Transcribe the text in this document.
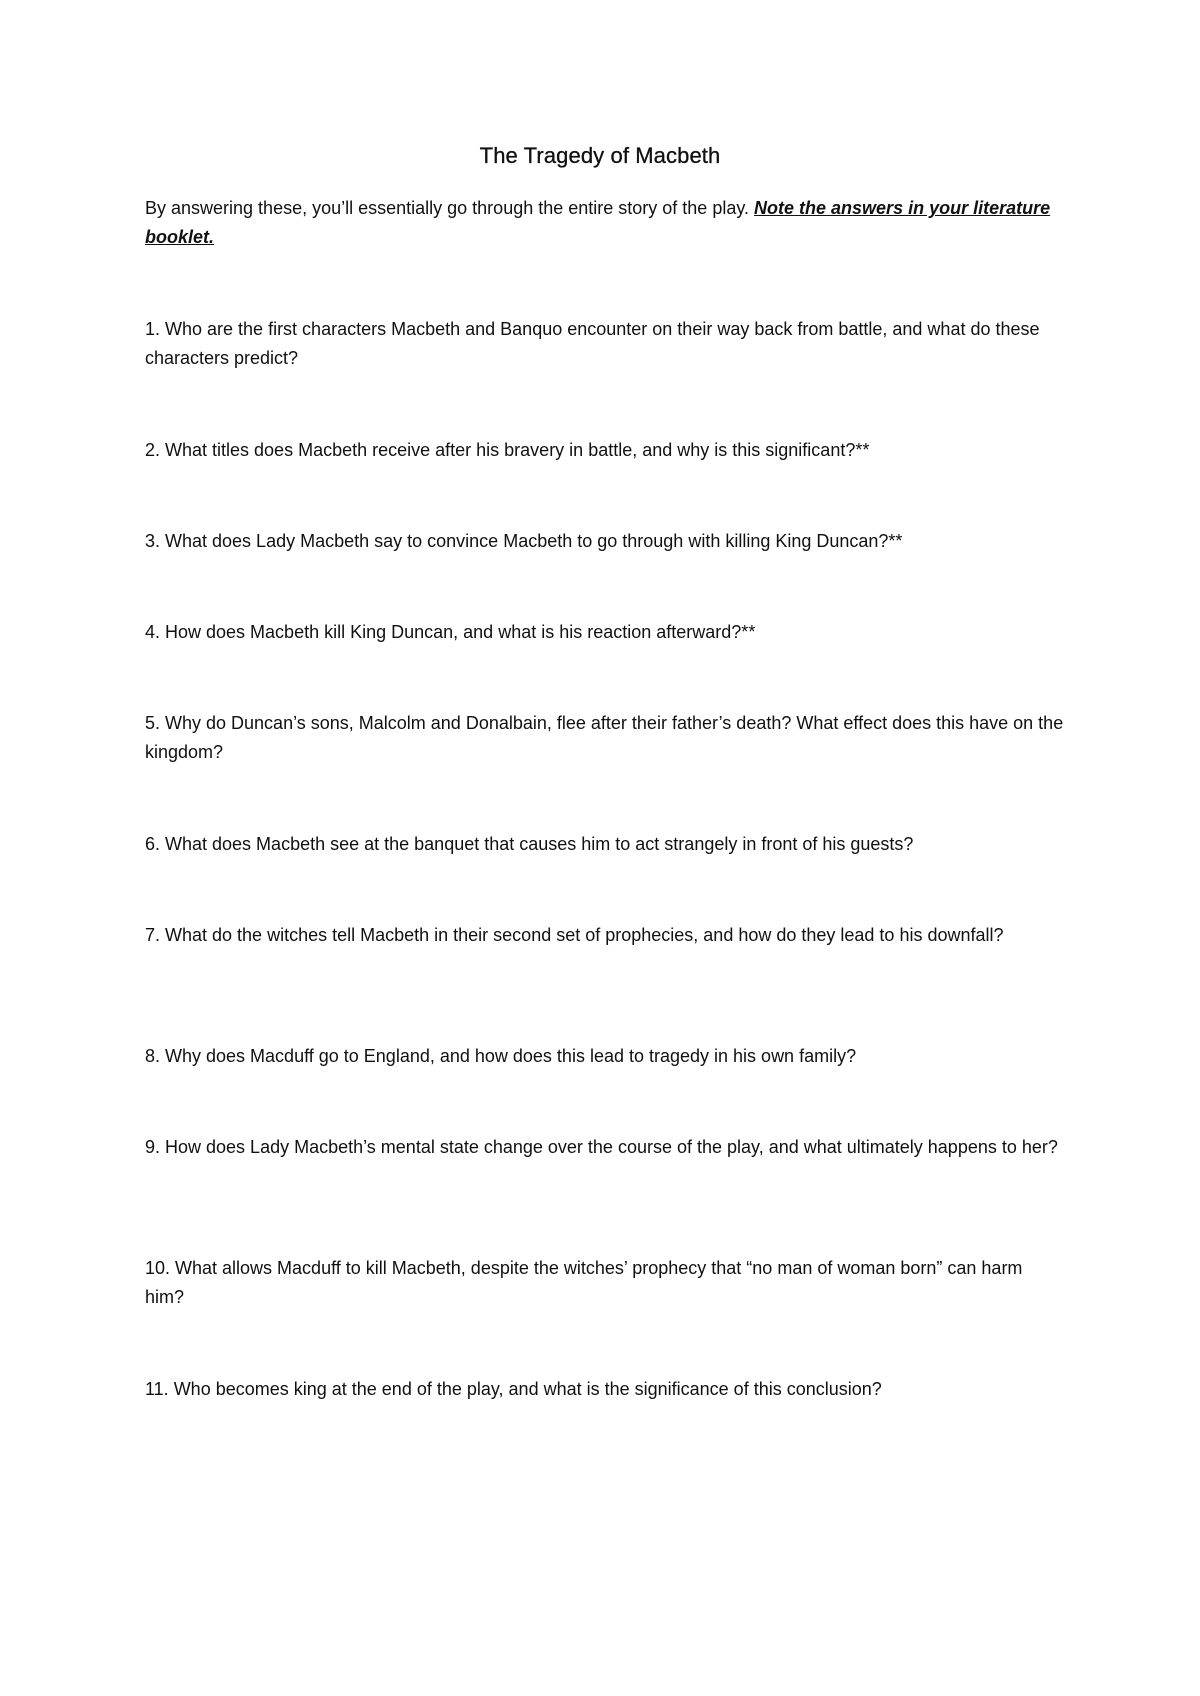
The Tragedy of Macbeth
By answering these, you’ll essentially go through the entire story of the play. Note the answers in your literature booklet.
1. Who are the first characters Macbeth and Banquo encounter on their way back from battle, and what do these characters predict?
2. What titles does Macbeth receive after his bravery in battle, and why is this significant?**
3. What does Lady Macbeth say to convince Macbeth to go through with killing King Duncan?**
4. How does Macbeth kill King Duncan, and what is his reaction afterward?**
5. Why do Duncan’s sons, Malcolm and Donalbain, flee after their father’s death? What effect does this have on the kingdom?
6. What does Macbeth see at the banquet that causes him to act strangely in front of his guests?
7. What do the witches tell Macbeth in their second set of prophecies, and how do they lead to his downfall?
8. Why does Macduff go to England, and how does this lead to tragedy in his own family?
9. How does Lady Macbeth’s mental state change over the course of the play, and what ultimately happens to her?
10. What allows Macduff to kill Macbeth, despite the witches’ prophecy that “no man of woman born” can harm him?
11. Who becomes king at the end of the play, and what is the significance of this conclusion?
